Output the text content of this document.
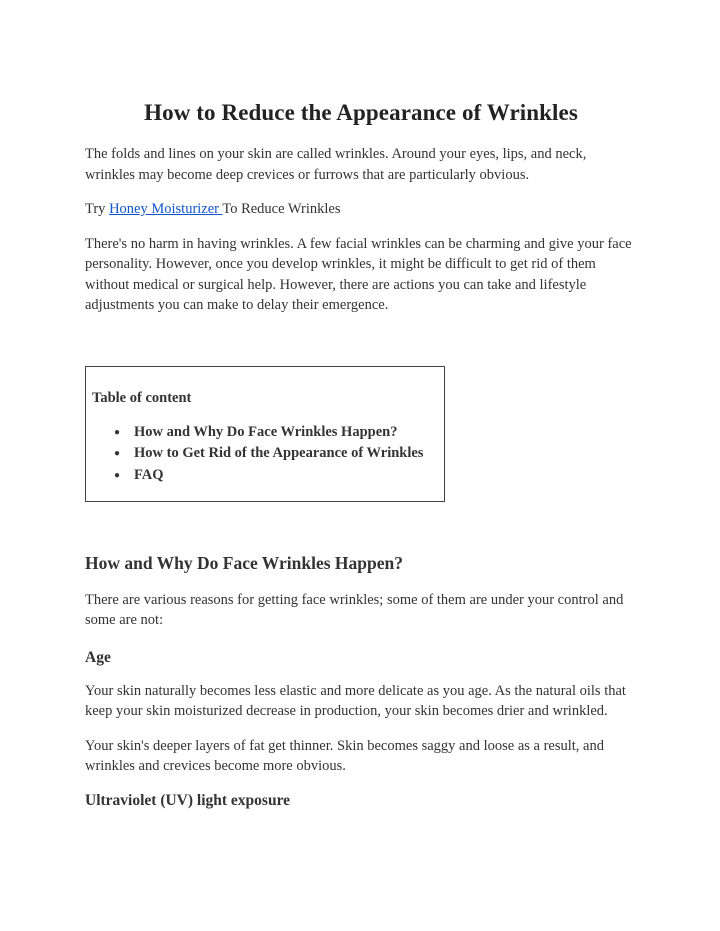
How to Reduce the Appearance of Wrinkles

The folds and lines on your skin are called wrinkles. Around your eyes, lips, and neck, wrinkles may become deep crevices or furrows that are particularly obvious.

Try Honey Moisturizer To Reduce Wrinkles

There's no harm in having wrinkles. A few facial wrinkles can be charming and give your face personality. However, once you develop wrinkles, it might be difficult to get rid of them without medical or surgical help. However, there are actions you can take and lifestyle adjustments you can make to delay their emergence.

Table of content
● How and Why Do Face Wrinkles Happen?
● How to Get Rid of the Appearance of Wrinkles
● FAQ
How and Why Do Face Wrinkles Happen?

There are various reasons for getting face wrinkles; some of them are under your control and some are not:

Age

Your skin naturally becomes less elastic and more delicate as you age. As the natural oils that keep your skin moisturized decrease in production, your skin becomes drier and wrinkled.

Your skin's deeper layers of fat get thinner. Skin becomes saggy and loose as a result, and wrinkles and crevices become more obvious.

Ultraviolet (UV) light exposure
